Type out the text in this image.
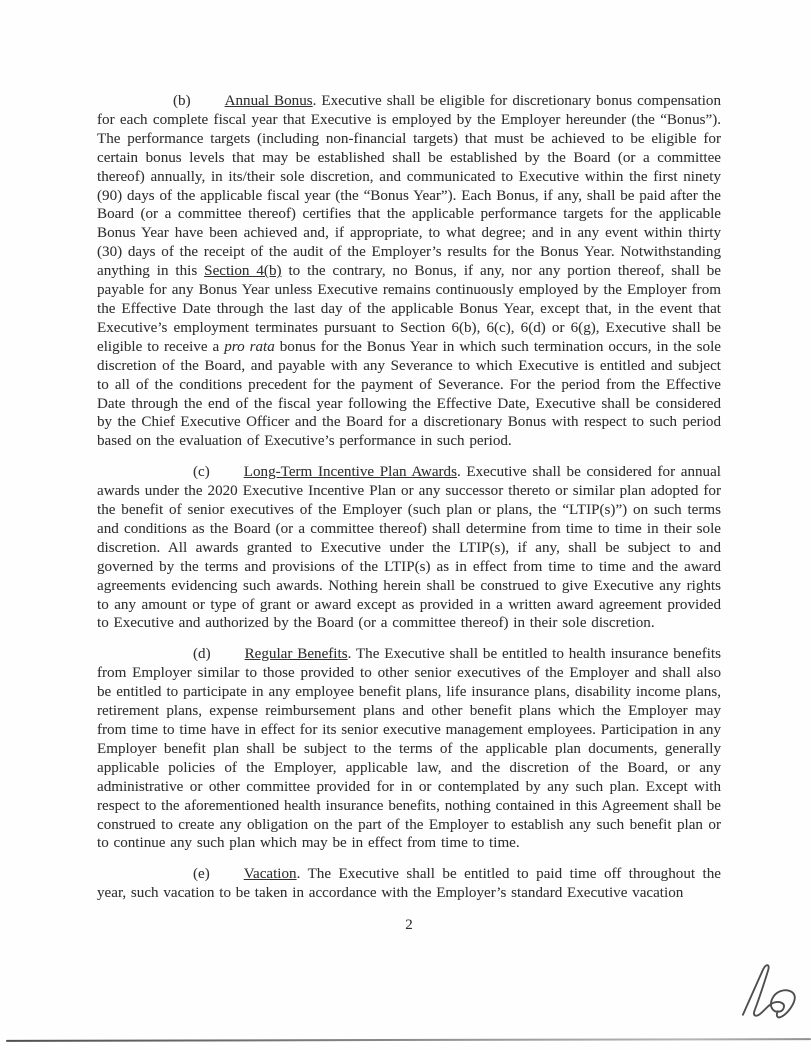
(b) Annual Bonus. Executive shall be eligible for discretionary bonus compensation for each complete fiscal year that Executive is employed by the Employer hereunder (the “Bonus”). The performance targets (including non-financial targets) that must be achieved to be eligible for certain bonus levels that may be established shall be established by the Board (or a committee thereof) annually, in its/their sole discretion, and communicated to Executive within the first ninety (90) days of the applicable fiscal year (the “Bonus Year”). Each Bonus, if any, shall be paid after the Board (or a committee thereof) certifies that the applicable performance targets for the applicable Bonus Year have been achieved and, if appropriate, to what degree; and in any event within thirty (30) days of the receipt of the audit of the Employer’s results for the Bonus Year. Notwithstanding anything in this Section 4(b) to the contrary, no Bonus, if any, nor any portion thereof, shall be payable for any Bonus Year unless Executive remains continuously employed by the Employer from the Effective Date through the last day of the applicable Bonus Year, except that, in the event that Executive’s employment terminates pursuant to Section 6(b), 6(c), 6(d) or 6(g), Executive shall be eligible to receive a pro rata bonus for the Bonus Year in which such termination occurs, in the sole discretion of the Board, and payable with any Severance to which Executive is entitled and subject to all of the conditions precedent for the payment of Severance. For the period from the Effective Date through the end of the fiscal year following the Effective Date, Executive shall be considered by the Chief Executive Officer and the Board for a discretionary Bonus with respect to such period based on the evaluation of Executive’s performance in such period.

(c) Long-Term Incentive Plan Awards. Executive shall be considered for annual awards under the 2020 Executive Incentive Plan or any successor thereto or similar plan adopted for the benefit of senior executives of the Employer (such plan or plans, the “LTIP(s)”) on such terms and conditions as the Board (or a committee thereof) shall determine from time to time in their sole discretion. All awards granted to Executive under the LTIP(s), if any, shall be subject to and governed by the terms and provisions of the LTIP(s) as in effect from time to time and the award agreements evidencing such awards. Nothing herein shall be construed to give Executive any rights to any amount or type of grant or award except as provided in a written award agreement provided to Executive and authorized by the Board (or a committee thereof) in their sole discretion.

(d) Regular Benefits. The Executive shall be entitled to health insurance benefits from Employer similar to those provided to other senior executives of the Employer and shall also be entitled to participate in any employee benefit plans, life insurance plans, disability income plans, retirement plans, expense reimbursement plans and other benefit plans which the Employer may from time to time have in effect for its senior executive management employees. Participation in any Employer benefit plan shall be subject to the terms of the applicable plan documents, generally applicable policies of the Employer, applicable law, and the discretion of the Board, or any administrative or other committee provided for in or contemplated by any such plan. Except with respect to the aforementioned health insurance benefits, nothing contained in this Agreement shall be construed to create any obligation on the part of the Employer to establish any such benefit plan or to continue any such plan which may be in effect from time to time.

(e) Vacation. The Executive shall be entitled to paid time off throughout the year, such vacation to be taken in accordance with the Employer’s standard Executive vacation

2
